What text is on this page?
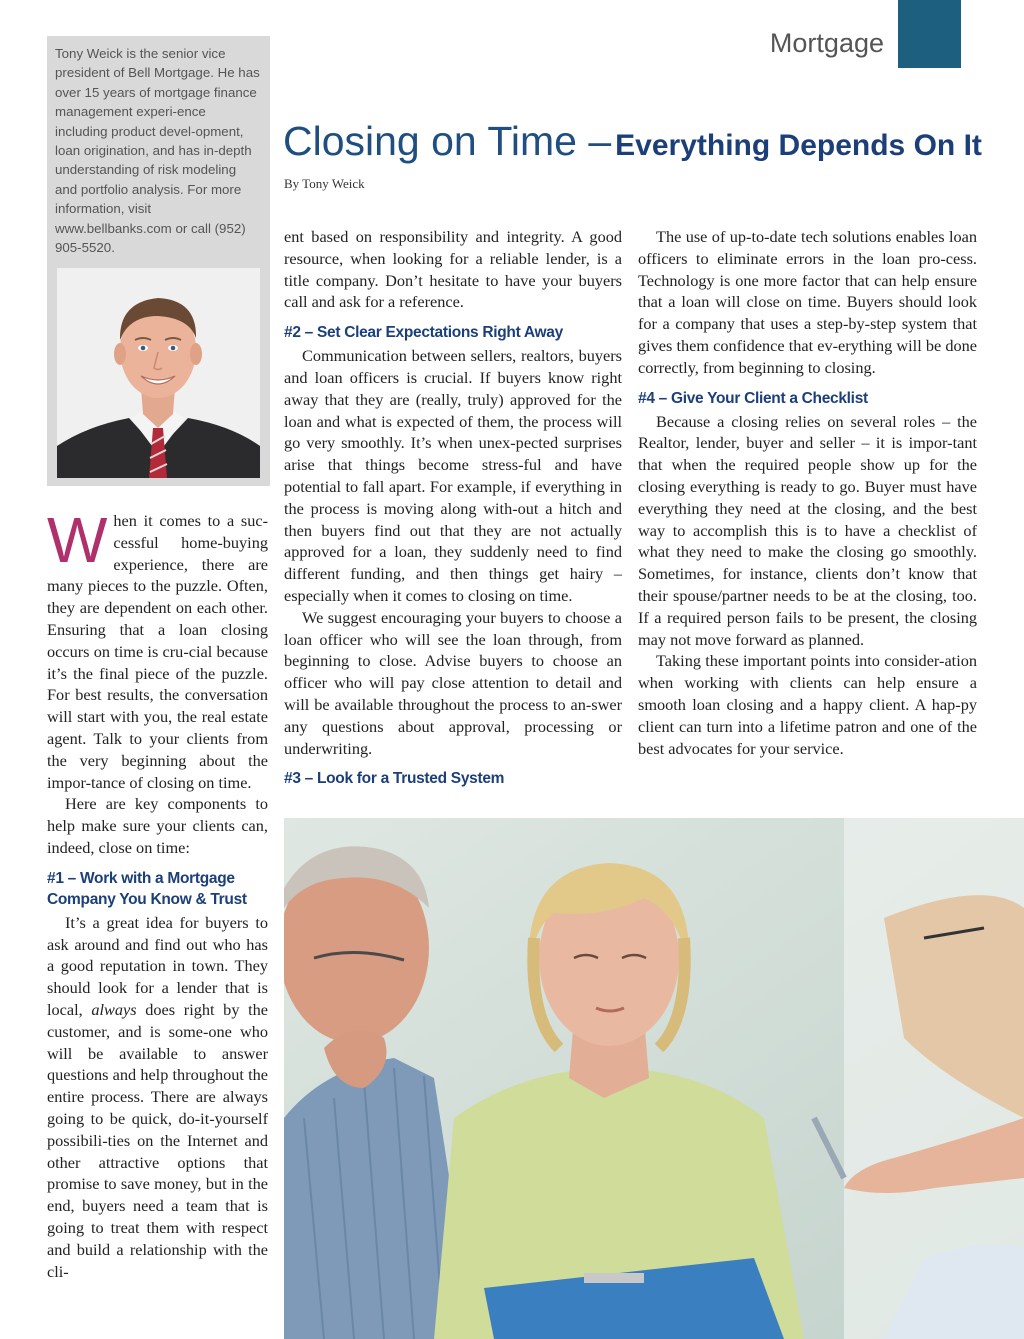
Mortgage
Tony Weick is the senior vice president of Bell Mortgage. He has over 15 years of mortgage finance management experi-ence including product devel-opment, loan origination, and has in-depth understanding of risk modeling and portfolio analysis. For more information, visit www.bellbanks.com or call (952) 905-5520.
Closing on Time – Everything Depends On It
By Tony Weick

When it comes to a suc-cessful home-buying experience, there are many pieces to the puzzle. Often, they are dependent on each other. Ensuring that a loan closing occurs on time is cru-cial because it’s the final piece of the puzzle. For best results, the conversation will start with you, the real estate agent. Talk to your clients from the very beginning about the impor-tance of closing on time.

Here are key components to help make sure your clients can, indeed, close on time:

#1 – Work with a Mortgage Company You Know & Trust

It’s a great idea for buyers to ask around and find out who has a good reputation in town. They should look for a lender that is local, always does right by the customer, and is some-one who will be available to answer questions and help throughout the entire process. There are always going to be quick, do-it-yourself possibili-ties on the Internet and other attractive options that promise to save money, but in the end, buyers need a team that is going to treat them with respect and build a relationship with the cli-

ent based on responsibility and integrity. A good resource, when looking for a reliable lender, is a title company. Don’t hesitate to have your buyers call and ask for a reference.

#2 – Set Clear Expectations Right Away

Communication between sellers, realtors, buyers and loan officers is crucial. If buyers know right away that they are (really, truly) approved for the loan and what is expected of them, the process will go very smoothly. It’s when unex-pected surprises arise that things become stress-ful and have potential to fall apart. For example, if everything in the process is moving along with-out a hitch and then buyers find out that they are not actually approved for a loan, they suddenly need to find different funding, and then things get hairy – especially when it comes to closing on time.

We suggest encouraging your buyers to choose a loan officer who will see the loan through, from beginning to close. Advise buyers to choose an officer who will pay close attention to detail and will be available throughout the process to an-swer any questions about approval, processing or underwriting.

#3 – Look for a Trusted System

The use of up-to-date tech solutions enables loan officers to eliminate errors in the loan pro-cess. Technology is one more factor that can help ensure that a loan will close on time. Buyers should look for a company that uses a step-by-step system that gives them confidence that ev-erything will be done correctly, from beginning to closing.

#4 – Give Your Client a Checklist

Because a closing relies on several roles – the Realtor, lender, buyer and seller – it is impor-tant that when the required people show up for the closing everything is ready to go. Buyer must have everything they need at the closing, and the best way to accomplish this is to have a checklist of what they need to make the closing go smoothly. Sometimes, for instance, clients don’t know that their spouse/partner needs to be at the closing, too. If a required person fails to be present, the closing may not move forward as planned.

Taking these important points into consider-ation when working with clients can help ensure a smooth loan closing and a happy client. A hap-py client can turn into a lifetime patron and one of the best advocates for your service.
